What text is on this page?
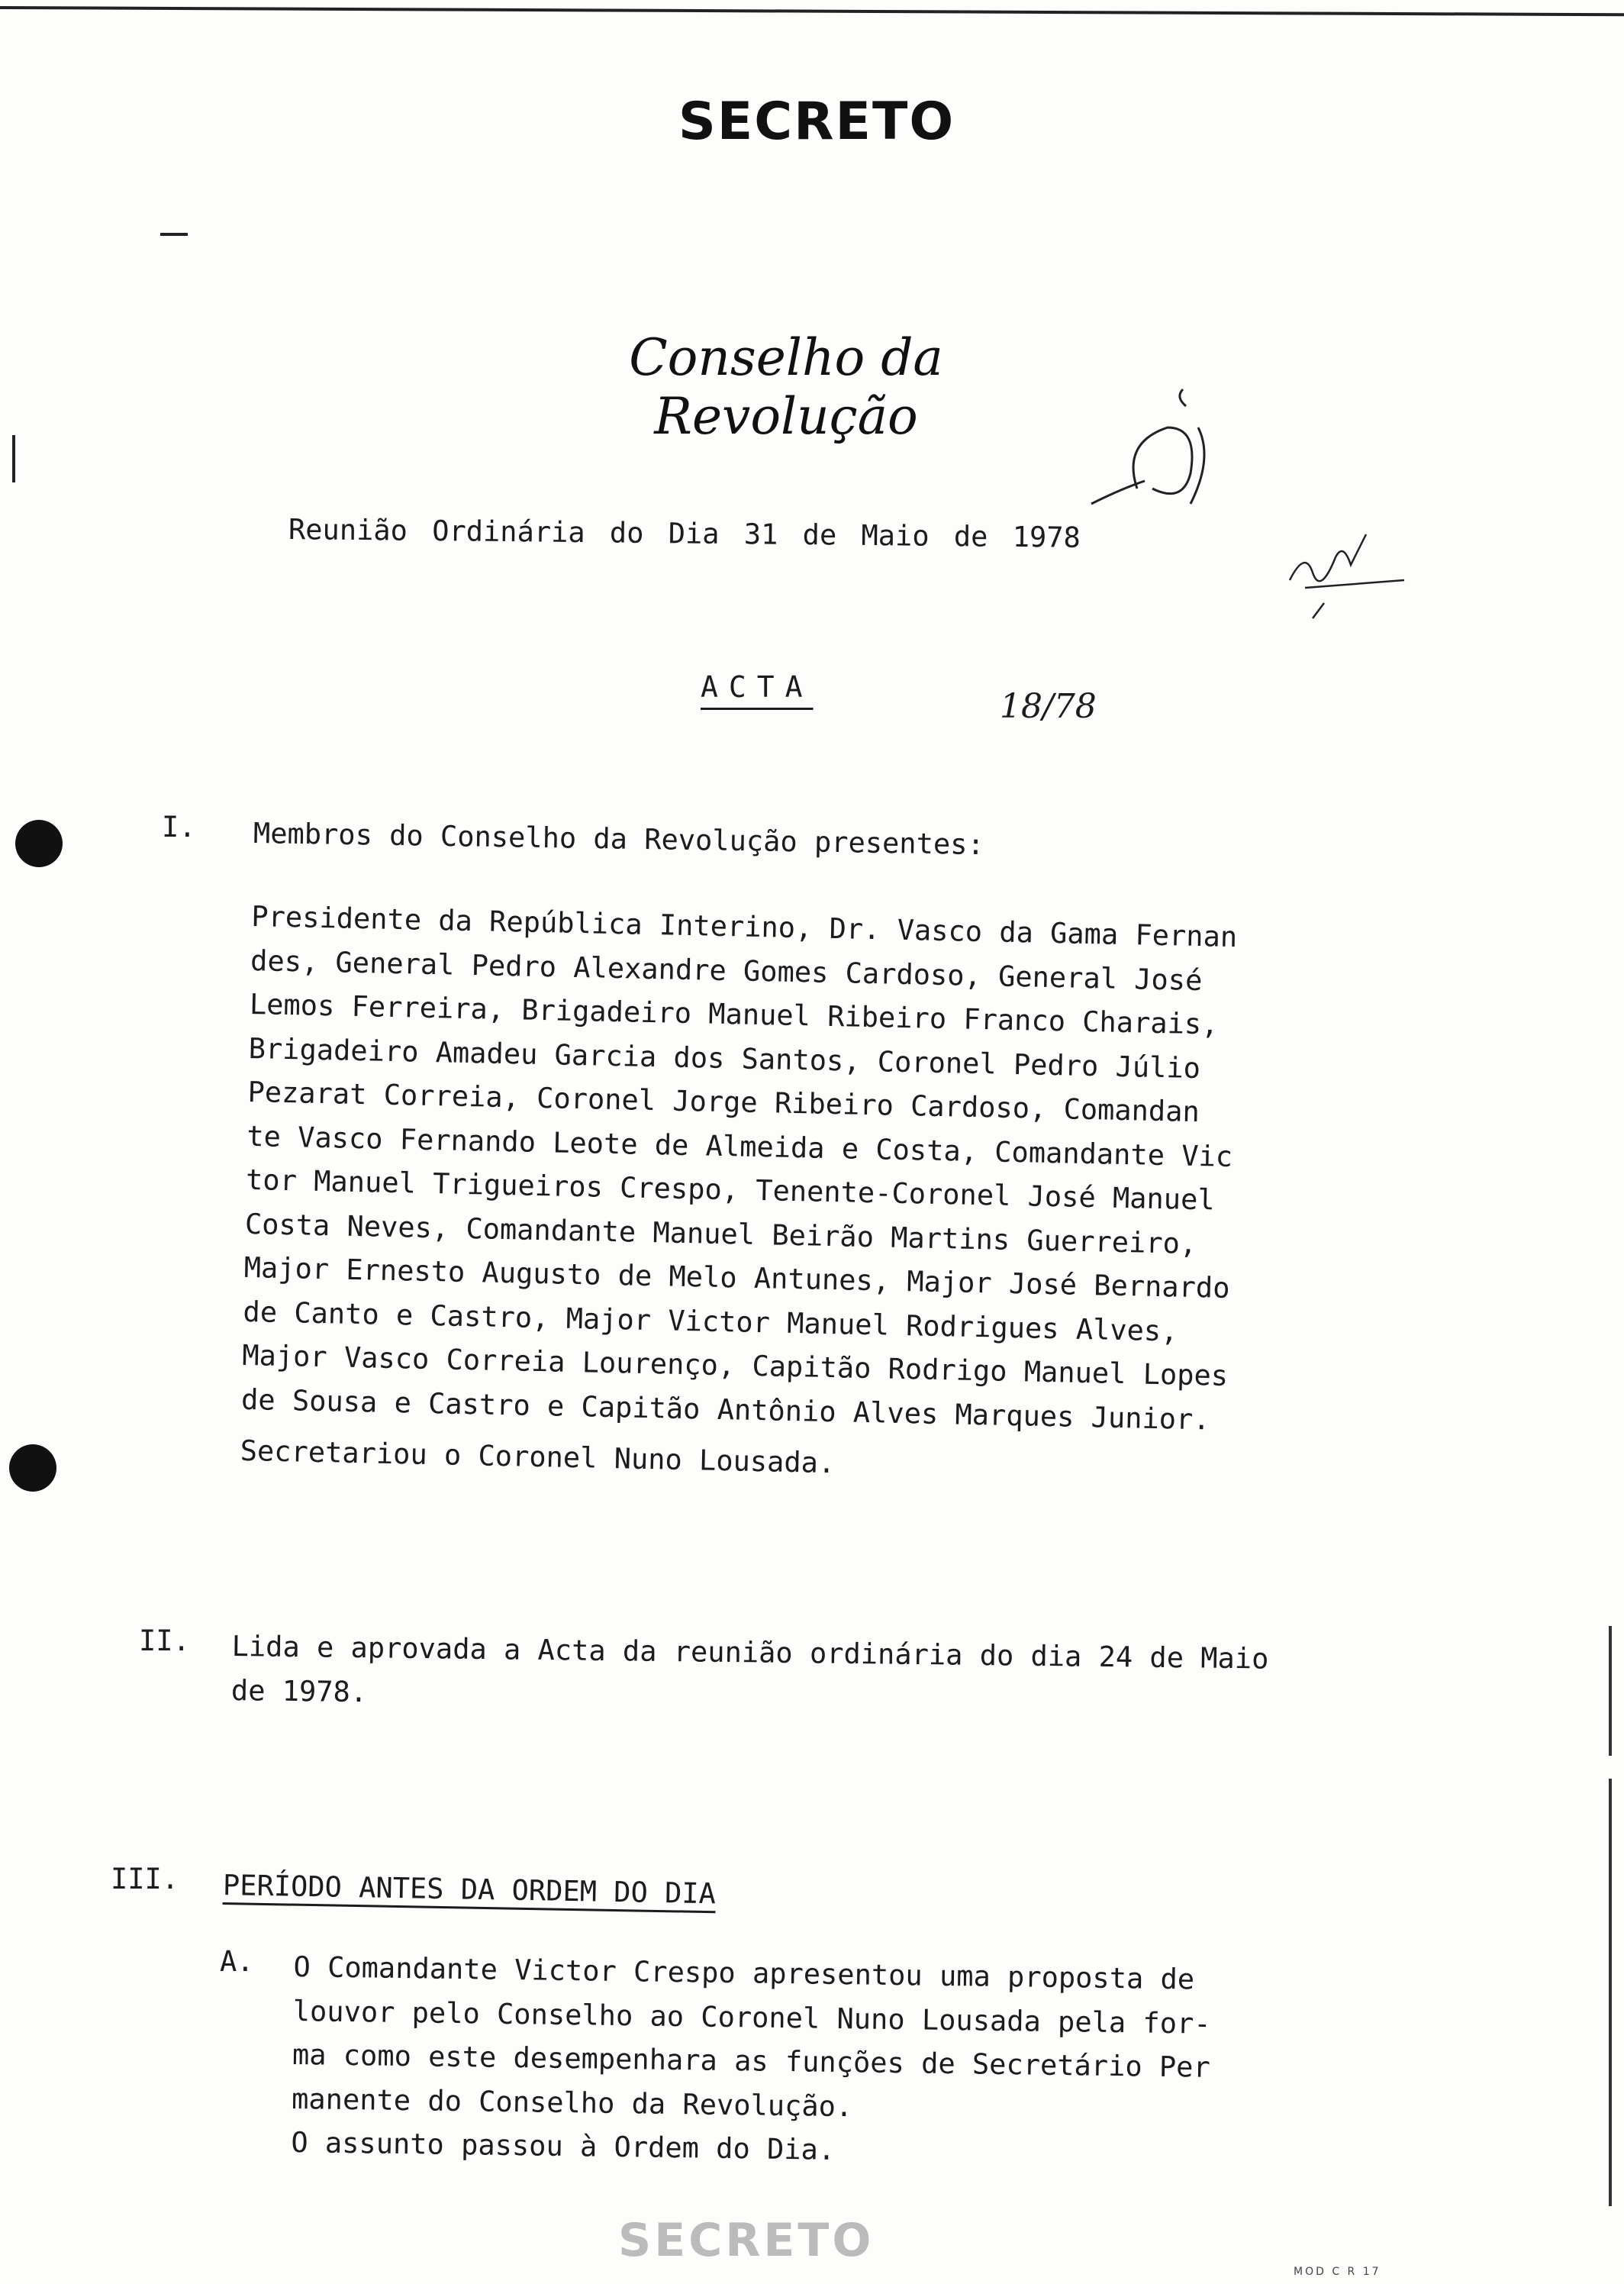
SECRETO
Conselho da Revolução
Reunião Ordinária do Dia 31 de Maio de 1978
ACTA	18/78
I. Membros do Conselho da Revolução presentes:

Presidente da República Interino, Dr. Vasco da Gama Fernan

des, General Pedro Alexandre Gomes Cardoso, General José

Lemos Ferreira, Brigadeiro Manuel Ribeiro Franco Charais,

Brigadeiro Amadeu Garcia dos Santos, Coronel Pedro Júlio

Pezarat Correia, Coronel Jorge Ribeiro Cardoso, Comandan

te Vasco Fernando Leote de Almeida e Costa, Comandante Vic

tor Manuel Trigueiros Crespo, Tenente-Coronel José Manuel

Costa Neves, Comandante Manuel Beirão Martins Guerreiro,

Major Ernesto Augusto de Melo Antunes, Major José Bernardo

de Canto e Castro, Major Victor Manuel Rodrigues Alves,

Major Vasco Correia Lourenço, Capitão Rodrigo Manuel Lopes

de Sousa e Castro e Capitão Antônio Alves Marques Junior.

Secretariou o Coronel Nuno Lousada.

II. Lida e aprovada a Acta da reunião ordinária do dia 24 de Maio

de 1978.

III. PERÍODO ANTES DA ORDEM DO DIA
A. O Comandante Victor Crespo apresentou uma proposta de

louvor pelo Conselho ao Coronel Nuno Lousada pela for-

ma como este desempenhara as funções de Secretário Per

manente do Conselho da Revolução.

O assunto passou à Ordem do Dia.

SECRETO
MOD C R 17
